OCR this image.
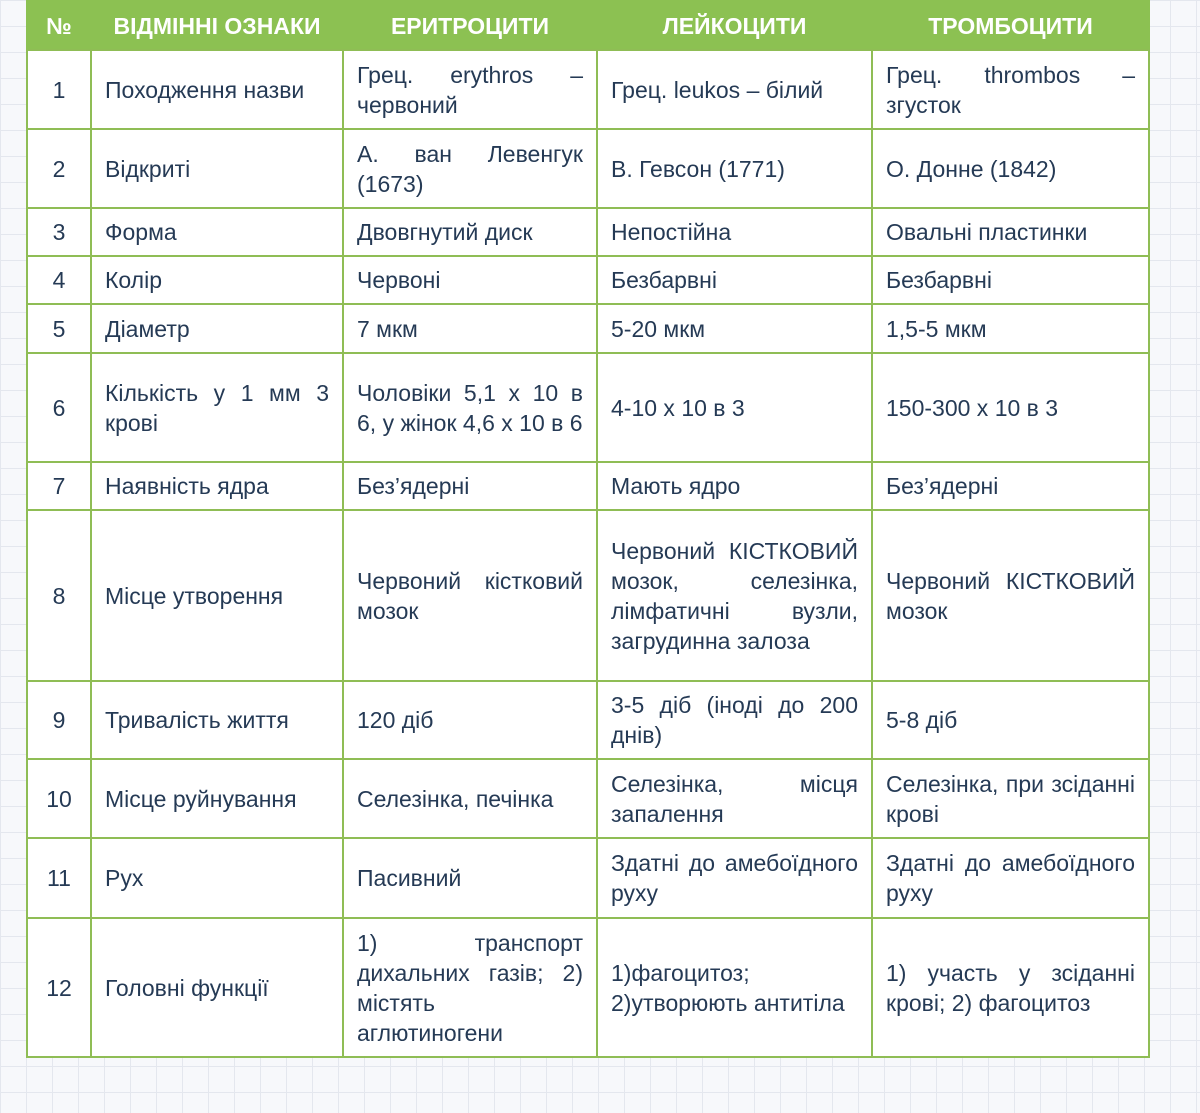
№	ВІДМІННІ ОЗНАКИ	ЕРИТРОЦИТИ	ЛЕЙКОЦИТИ	ТРОМБОЦИТИ
1	Походження назви	Грец. erythros – червоний	Грец. leukos – білий	Грец. thrombos – згусток
2	Відкриті	А. ван Левенгук (1673)	В. Гевсон (1771)	О. Донне (1842)
3	Форма	Двовгнутий диск	Непостійна	Овальні пластинки
4	Колір	Червоні	Безбарвні	Безбарвні
5	Діаметр	7 мкм	5-20 мкм	1,5-5 мкм
6	Кількість у 1 мм 3 крові	Чоловіки 5,1 х 10 в 6, у жінок 4,6 х 10 в 6	4-10 х 10 в 3	150-300 х 10 в 3
7	Наявність ядра	Без’ядерні	Мають ядро	Без’ядерні
8	Місце утворення	Червоний кістковий мозок	Червоний КІСТКОВИЙ мозок, селезінка, лімфатичні вузли, загрудинна залоза	Червоний КІСТКОВИЙ мозок
9	Тривалість життя	120 діб	3-5 діб (іноді до 200 днів)	5-8 діб
10	Місце руйнування	Селезінка, печінка	Селезінка, місця запалення	Селезінка, при зсіданні крові
11	Рух	Пасивний	Здатні до амебоїдного руху	Здатні до амебоїдного руху
12	Головні функції	1) транспорт дихальних газів; 2) містять аглютиногени	1)фагоцитоз; 2)утворюють антитіла	1) участь у зсіданні крові; 2) фагоцитоз
